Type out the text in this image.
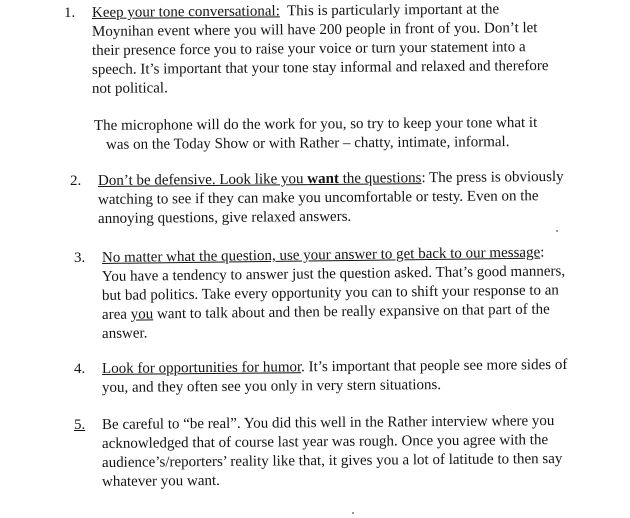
1.	Keep your tone conversational: This is particularly important at the
Moynihan event where you will have 200 people in front of you. Don’t let
their presence force you to raise your voice or turn your statement into a
speech. It’s important that your tone stay informal and relaxed and therefore
not political.
The microphone will do the work for you, so try to keep your tone what it
was on the Today Show or with Rather – chatty, intimate, informal.
2.	Don’t be defensive. Look like you want the questions: The press is obviously
watching to see if they can make you uncomfortable or testy. Even on the
annoying questions, give relaxed answers.
3.	No matter what the question, use your answer to get back to our message:
You have a tendency to answer just the question asked. That’s good manners,
but bad politics. Take every opportunity you can to shift your response to an
area you want to talk about and then be really expansive on that part of the
answer.
4.	Look for opportunities for humor. It’s important that people see more sides of
you, and they often see you only in very stern situations.
5.	Be careful to “be real”. You did this well in the Rather interview where you
acknowledged that of course last year was rough. Once you agree with the
audience’s/reporters’ reality like that, it gives you a lot of latitude to then say
whatever you want.
